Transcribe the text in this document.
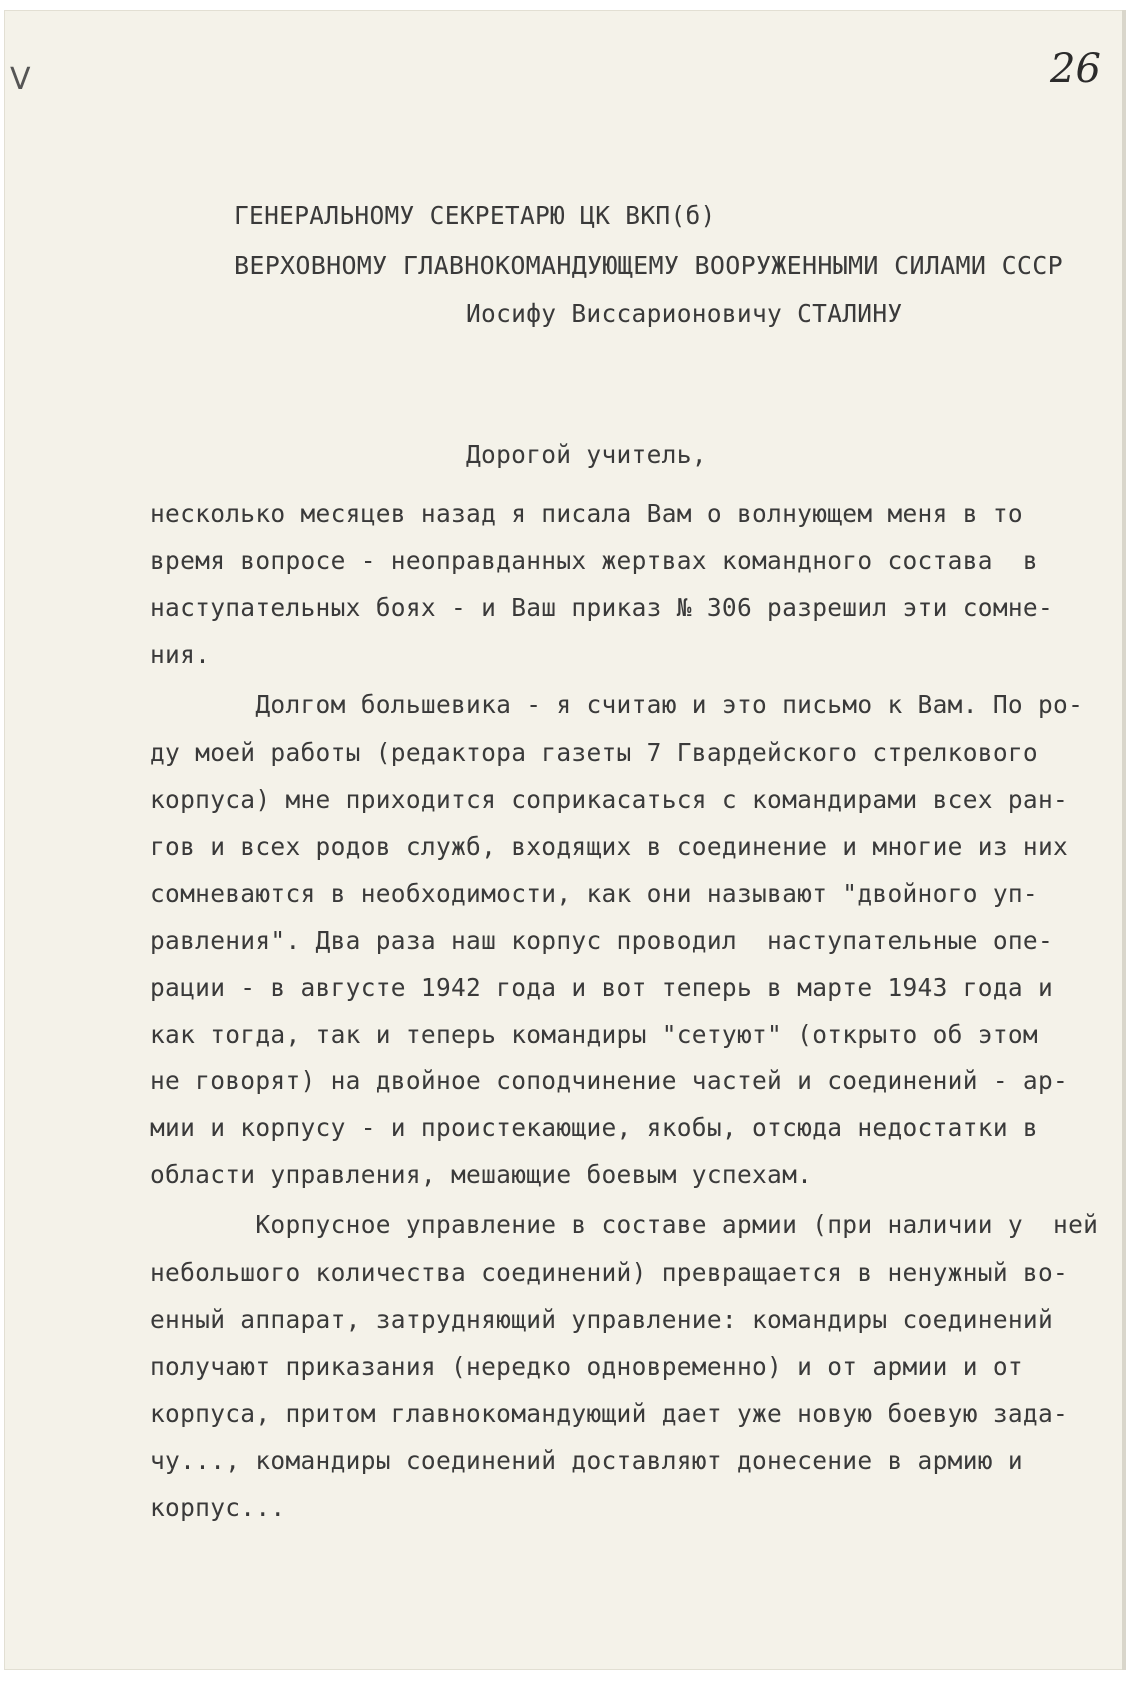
V	26

ГЕНЕРАЛЬНОМУ СЕКРЕТАРЮ ЦК ВКП(б)

ВЕРХОВНОМУ ГЛАВНОКОМАНДУЮЩЕМУ ВООРУЖЕННЫМИ СИЛАМИ СССР

Иосифу Виссарионовичу СТАЛИНУ

Дорогой учитель,

несколько месяцев назад я писала Вам о волнующем меня в то

время вопросе - неоправданных жертвах командного состава  в

наступательных боях - и Ваш приказ № 306 разрешил эти сомне-

ния.

Долгом большевика - я считаю и это письмо к Вам. По ро-

ду моей работы (редактора газеты 7 Гвардейского стрелкового

корпуса) мне приходится соприкасаться с командирами всех ран-

гов и всех родов служб, входящих в соединение и многие из них

сомневаются в необходимости, как они называют "двойного уп-

равления". Два раза наш корпус проводил  наступательные опе-

рации - в августе 1942 года и вот теперь в марте 1943 года и

как тогда, так и теперь командиры "сетуют" (открыто об этом

не говорят) на двойное соподчинение частей и соединений - ар-

мии и корпусу - и проистекающие, якобы, отсюда недостатки в

области управления, мешающие боевым успехам.

Корпусное управление в составе армии (при наличии у  ней

небольшого количества соединений) превращается в ненужный во-

енный аппарат, затрудняющий управление: командиры соединений

получают приказания (нередко одновременно) и от армии и от

корпуса, притом главнокомандующий дает уже новую боевую зада-

чу..., командиры соединений доставляют донесение в армию и

корпус...
